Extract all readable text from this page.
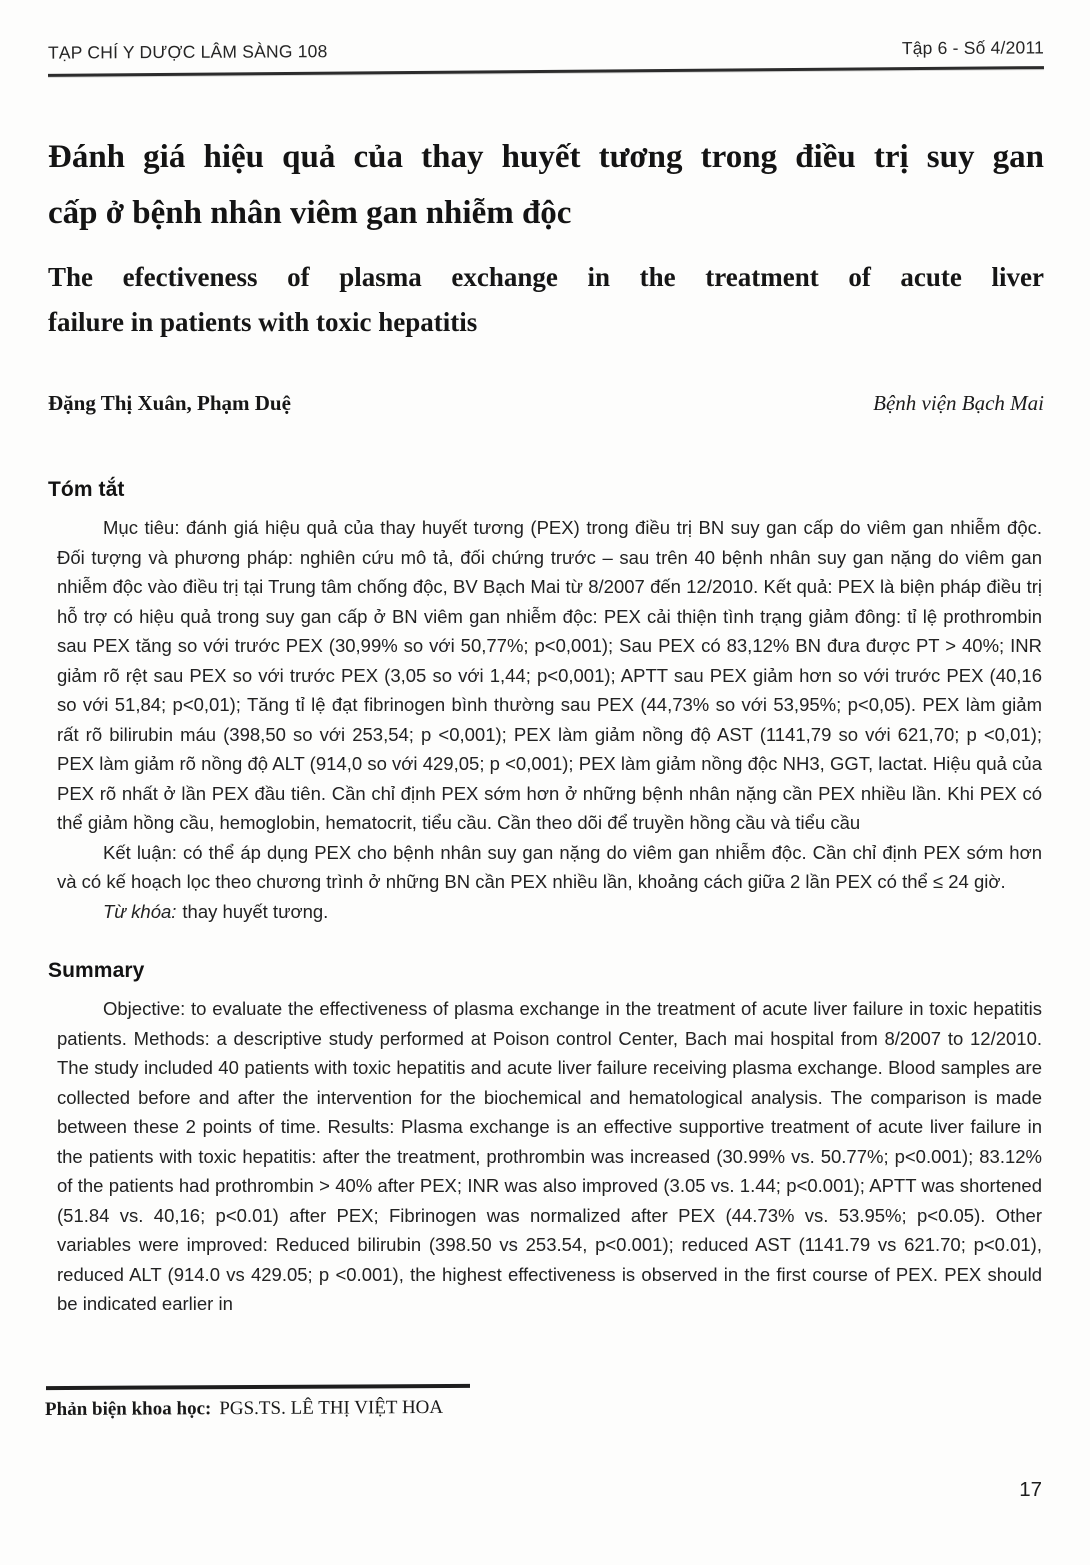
TẠP CHÍ Y DƯỢC LÂM SÀNG 108	Tập 6 - Số 4/2011
Đánh giá hiệu quả của thay huyết tương trong điều trị suy gan
cấp ở bệnh nhân viêm gan nhiễm độc
The efectiveness of plasma exchange in the treatment of acute liver
failure in patients with toxic hepatitis
Đặng Thị Xuân, Phạm Duệ	Bệnh viện Bạch Mai
Tóm tắt

Mục tiêu: đánh giá hiệu quả của thay huyết tương (PEX) trong điều trị BN suy gan cấp do viêm gan nhiễm độc. Đối tượng và phương pháp: nghiên cứu mô tả, đối chứng trước – sau trên 40 bệnh nhân suy gan nặng do viêm gan nhiễm độc vào điều trị tại Trung tâm chống độc, BV Bạch Mai từ 8/2007 đến 12/2010. Kết quả: PEX là biện pháp điều trị hỗ trợ có hiệu quả trong suy gan cấp ở BN viêm gan nhiễm độc: PEX cải thiện tình trạng giảm đông: tỉ lệ prothrombin sau PEX tăng so với trước PEX (30,99% so với 50,77%; p<0,001); Sau PEX có 83,12% BN đưa được PT > 40%; INR giảm rõ rệt sau PEX so với trước PEX (3,05 so với 1,44; p<0,001); APTT sau PEX giảm hơn so với trước PEX (40,16 so với 51,84; p<0,01); Tăng tỉ lệ đạt fibrinogen bình thường sau PEX (44,73% so với 53,95%; p<0,05). PEX làm giảm rất rõ bilirubin máu (398,50 so với 253,54; p <0,001); PEX làm giảm nồng độ AST (1141,79 so với 621,70; p <0,01); PEX làm giảm rõ nồng độ ALT (914,0 so với 429,05; p <0,001); PEX làm giảm nồng độc NH3, GGT, lactat. Hiệu quả của PEX rõ nhất ở lần PEX đầu tiên. Cần chỉ định PEX sớm hơn ở những bệnh nhân nặng cần PEX nhiều lần. Khi PEX có thể giảm hồng cầu, hemoglobin, hematocrit, tiểu cầu. Cần theo dõi để truyền hồng cầu và tiểu cầu

Kết luận: có thể áp dụng PEX cho bệnh nhân suy gan nặng do viêm gan nhiễm độc. Cần chỉ định PEX sớm hơn và có kế hoạch lọc theo chương trình ở những BN cần PEX nhiều lần, khoảng cách giữa 2 lần PEX có thể ≤ 24 giờ.

Từ khóa: thay huyết tương.

Summary

Objective: to evaluate the effectiveness of plasma exchange in the treatment of acute liver failure in toxic hepatitis patients. Methods: a descriptive study performed at Poison control Center, Bach mai hospital from 8/2007 to 12/2010. The study included 40 patients with toxic hepatitis and acute liver failure receiving plasma exchange. Blood samples are collected before and after the intervention for the biochemical and hematological analysis. The comparison is made between these 2 points of time. Results: Plasma exchange is an effective supportive treatment of acute liver failure in the patients with toxic hepatitis: after the treatment, prothrombin was increased (30.99% vs. 50.77%; p<0.001); 83.12% of the patients had prothrombin > 40% after PEX; INR was also improved (3.05 vs. 1.44; p<0.001); APTT was shortened (51.84 vs. 40,16; p<0.01) after PEX; Fibrinogen was normalized after PEX (44.73% vs. 53.95%; p<0.05). Other variables were improved: Reduced bilirubin (398.50 vs 253.54, p<0.001); reduced AST (1141.79 vs 621.70; p<0.01), reduced ALT (914.0 vs 429.05; p <0.001), the highest effectiveness is observed in the first course of PEX. PEX should be indicated earlier in

Phản biện khoa học: PGS.TS. LÊ THỊ VIỆT HOA
17
